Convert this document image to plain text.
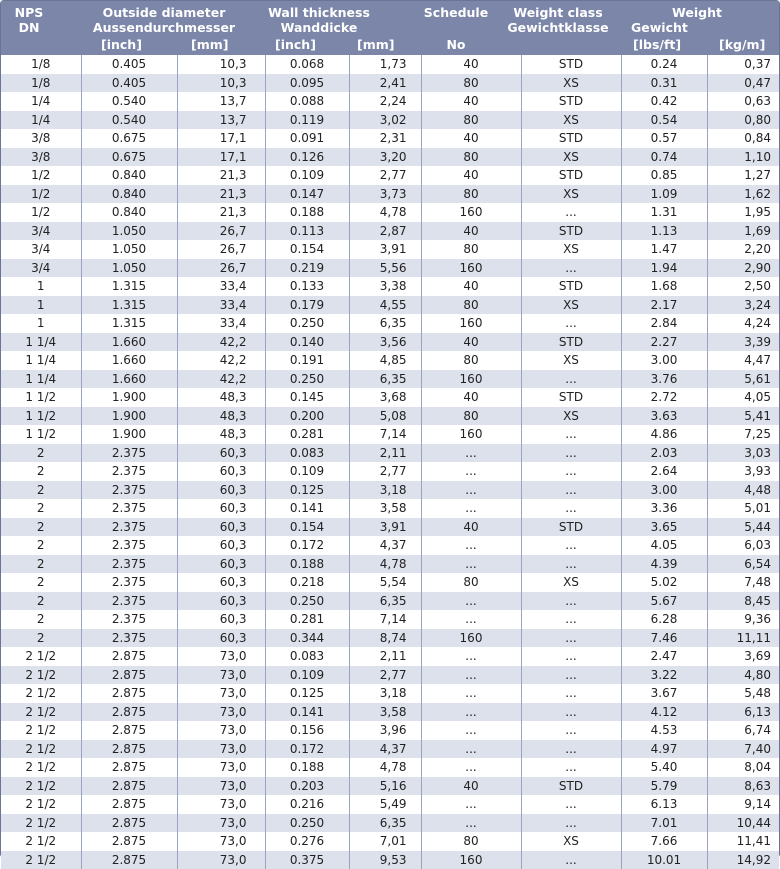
NPS
DN
Outside diameter
Aussendurchmesser
[inch]	[mm]
Wall thickness
Wanddicke
[inch]	[mm]
Schedule
No
Weight class
Gewichtklasse
Weight
Gewicht
[lbs/ft]	[kg/m]
1/8	0.405	10,3	0.068	1,73	40	STD	0.24	0,37
1/8	0.405	10,3	0.095	2,41	80	XS	0.31	0,47
1/4	0.540	13,7	0.088	2,24	40	STD	0.42	0,63
1/4	0.540	13,7	0.119	3,02	80	XS	0.54	0,80
3/8	0.675	17,1	0.091	2,31	40	STD	0.57	0,84
3/8	0.675	17,1	0.126	3,20	80	XS	0.74	1,10
1/2	0.840	21,3	0.109	2,77	40	STD	0.85	1,27
1/2	0.840	21,3	0.147	3,73	80	XS	1.09	1,62
1/2	0.840	21,3	0.188	4,78	160	...	1.31	1,95
3/4	1.050	26,7	0.113	2,87	40	STD	1.13	1,69
3/4	1.050	26,7	0.154	3,91	80	XS	1.47	2,20
3/4	1.050	26,7	0.219	5,56	160	...	1.94	2,90
1	1.315	33,4	0.133	3,38	40	STD	1.68	2,50
1	1.315	33,4	0.179	4,55	80	XS	2.17	3,24
1	1.315	33,4	0.250	6,35	160	...	2.84	4,24
1 1/4	1.660	42,2	0.140	3,56	40	STD	2.27	3,39
1 1/4	1.660	42,2	0.191	4,85	80	XS	3.00	4,47
1 1/4	1.660	42,2	0.250	6,35	160	...	3.76	5,61
1 1/2	1.900	48,3	0.145	3,68	40	STD	2.72	4,05
1 1/2	1.900	48,3	0.200	5,08	80	XS	3.63	5,41
1 1/2	1.900	48,3	0.281	7,14	160	...	4.86	7,25
2	2.375	60,3	0.083	2,11	...	...	2.03	3,03
2	2.375	60,3	0.109	2,77	...	...	2.64	3,93
2	2.375	60,3	0.125	3,18	...	...	3.00	4,48
2	2.375	60,3	0.141	3,58	...	...	3.36	5,01
2	2.375	60,3	0.154	3,91	40	STD	3.65	5,44
2	2.375	60,3	0.172	4,37	...	...	4.05	6,03
2	2.375	60,3	0.188	4,78	...	...	4.39	6,54
2	2.375	60,3	0.218	5,54	80	XS	5.02	7,48
2	2.375	60,3	0.250	6,35	...	...	5.67	8,45
2	2.375	60,3	0.281	7,14	...	...	6.28	9,36
2	2.375	60,3	0.344	8,74	160	...	7.46	11,11
2 1/2	2.875	73,0	0.083	2,11	...	...	2.47	3,69
2 1/2	2.875	73,0	0.109	2,77	...	...	3.22	4,80
2 1/2	2.875	73,0	0.125	3,18	...	...	3.67	5,48
2 1/2	2.875	73,0	0.141	3,58	...	...	4.12	6,13
2 1/2	2.875	73,0	0.156	3,96	...	...	4.53	6,74
2 1/2	2.875	73,0	0.172	4,37	...	...	4.97	7,40
2 1/2	2.875	73,0	0.188	4,78	...	...	5.40	8,04
2 1/2	2.875	73,0	0.203	5,16	40	STD	5.79	8,63
2 1/2	2.875	73,0	0.216	5,49	...	...	6.13	9,14
2 1/2	2.875	73,0	0.250	6,35	...	...	7.01	10,44
2 1/2	2.875	73,0	0.276	7,01	80	XS	7.66	11,41
2 1/2	2.875	73,0	0.375	9,53	160	...	10.01	14,92
